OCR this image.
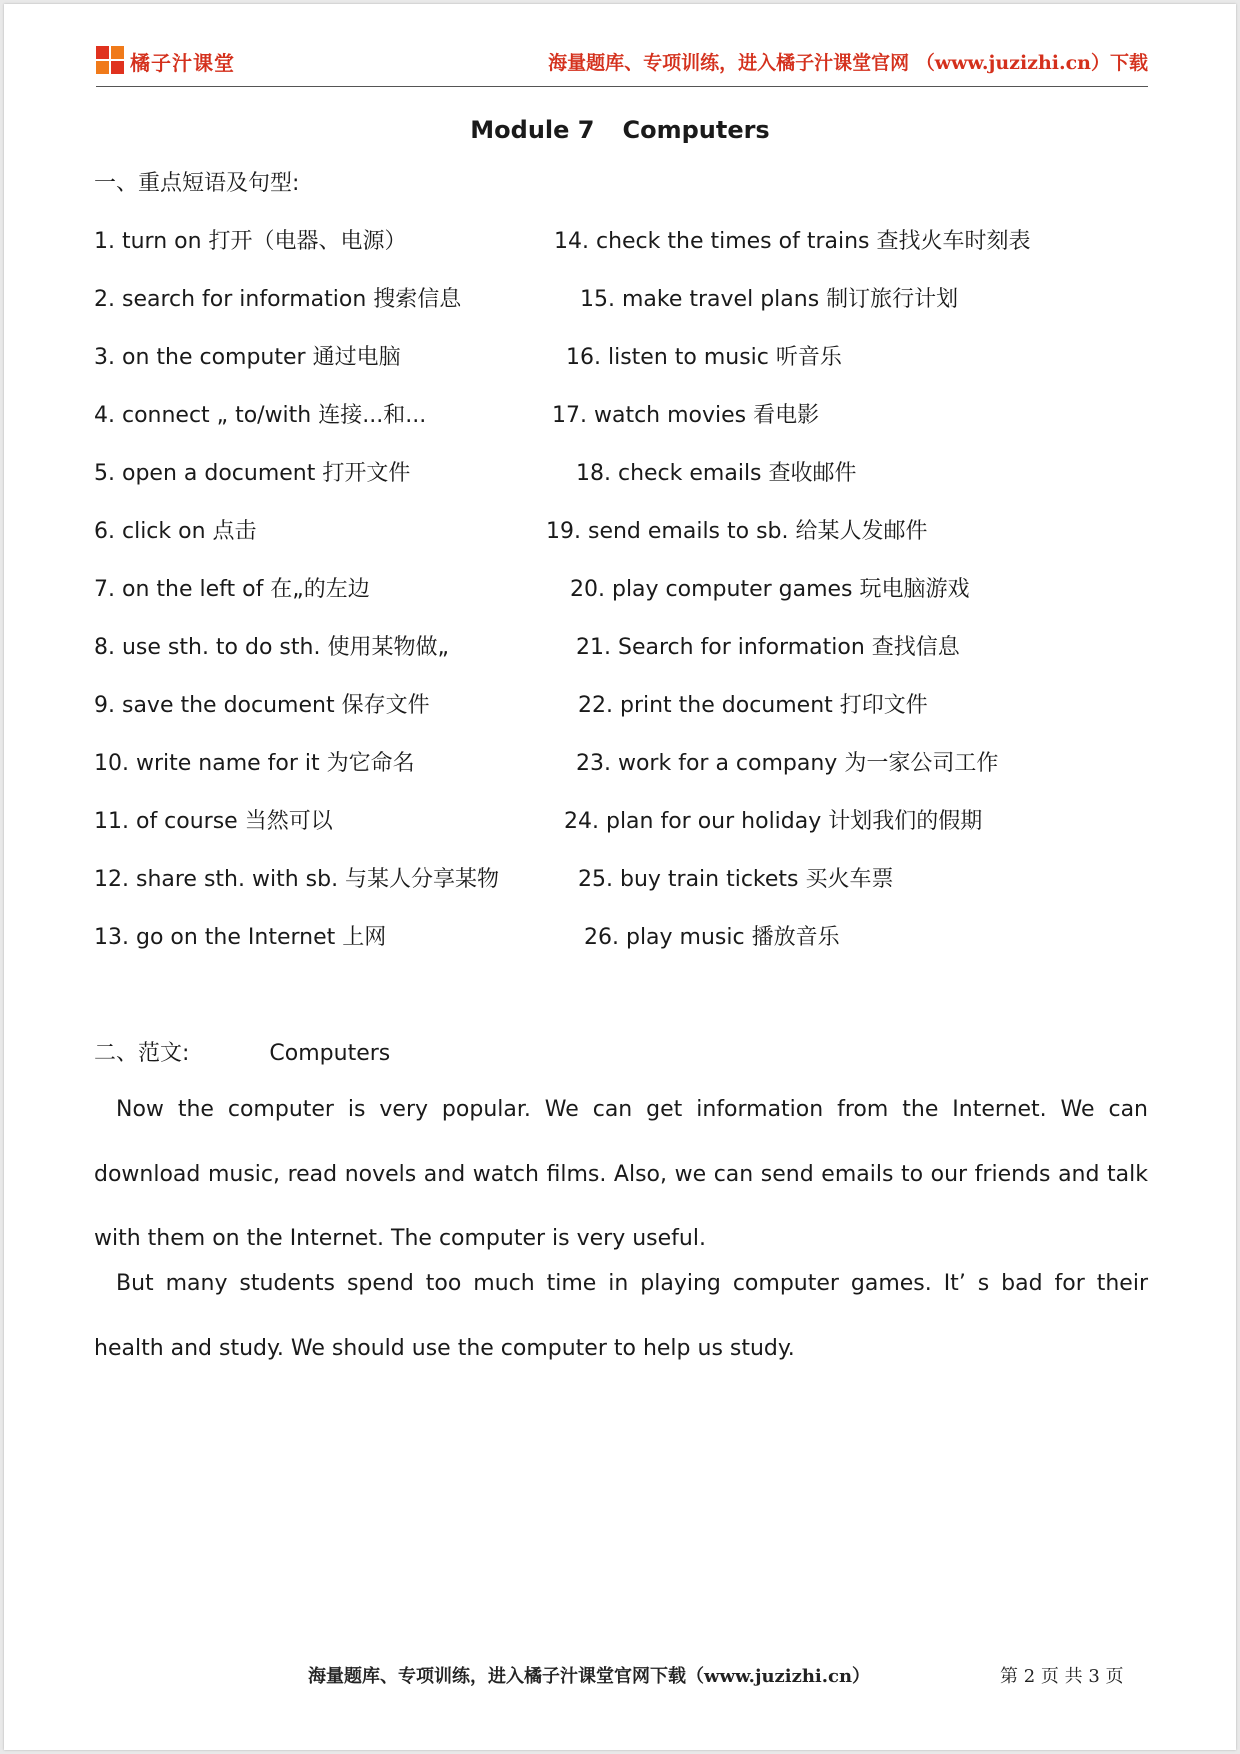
橘子汁课堂	海量题库、专项训练，进入橘子汁课堂官网 （www.juzizhi.cn）下载
Module 7 Computers
一、重点短语及句型:
1. turn on 打开（电器、电源）
2. search for information 搜索信息
3. on the computer 通过电脑
4. connect „ to/with 连接...和...
5. open a document 打开文件
6. click on 点击
7. on the left of 在„的左边
8. use sth. to do sth. 使用某物做„
9. save the document 保存文件
10. write name for it 为它命名
11. of course 当然可以
12. share sth. with sb. 与某人分享某物
13. go on the Internet 上网
14. check the times of trains 查找火车时刻表
15. make travel plans 制订旅行计划
16. listen to music 听音乐
17. watch movies 看电影
18. check emails 查收邮件
19. send emails to sb. 给某人发邮件
20. play computer games 玩电脑游戏
21. Search for information 查找信息
22. print the document 打印文件
23. work for a company 为一家公司工作
24. plan for our holiday 计划我们的假期
25. buy train tickets 买火车票
26. play music 播放音乐
二、范文:	Computers
Now the computer is very popular. We can get information from the Internet. We can download music, read novels and watch films. Also, we can send emails to our friends and talk with them on the Internet. The computer is very useful.
But many students spend too much time in playing computer games. It’ s bad for their health and study. We should use the computer to help us study.
海量题库、专项训练，进入橘子汁课堂官网下载（www.juzizhi.cn）	第 2 页 共 3 页
